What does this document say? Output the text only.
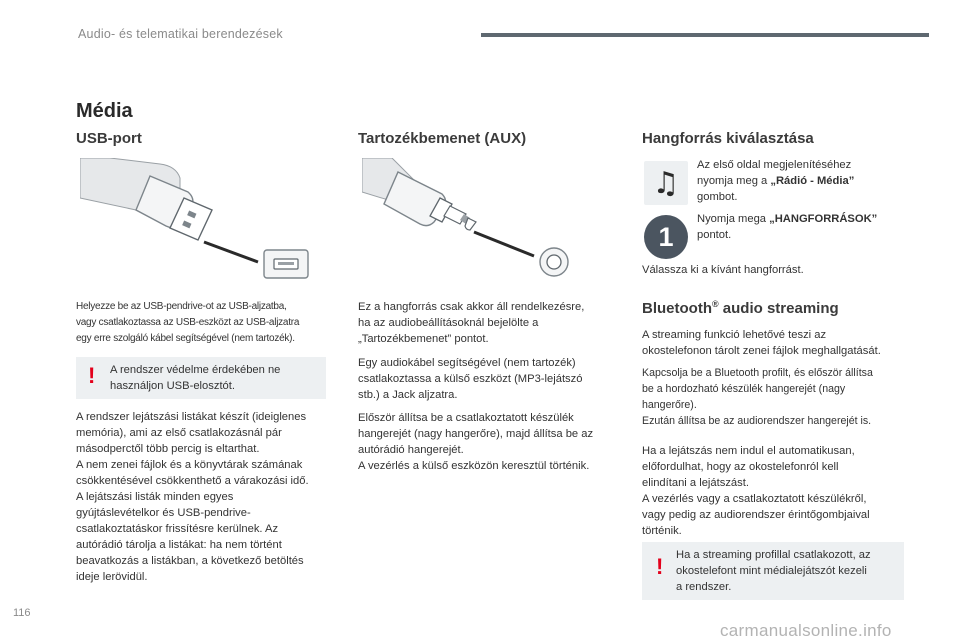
Audio- és telematikai berendezések
Média
USB-port
Helyezze be az USB-pendrive-ot az USB-aljzatba,
vagy csatlakoztassa az USB-eszközt az USB-aljzatra
egy erre szolgáló kábel segítségével (nem tartozék).
! A rendszer védelme érdekében ne
használjon USB-elosztót.
A rendszer lejátszási listákat készít (ideiglenes
memória), ami az első csatlakozásnál pár
másodperctől több percig is eltarthat.
A nem zenei fájlok és a könyvtárak számának
csökkentésével csökkenthető a várakozási idő.
A lejátszási listák minden egyes
gyújtáslevételkor és USB-pendrive-
csatlakoztatáskor frissítésre kerülnek. Az
autórádió tárolja a listákat: ha nem történt
beavatkozás a listákban, a következő betöltés
ideje lerövidül.
Tartozékbemenet (AUX)
Ez a hangforrás csak akkor áll rendelkezésre,
ha az audiobeállításoknál bejelölte a
„Tartozékbemenet” pontot.
Egy audiokábel segítségével (nem tartozék)
csatlakoztassa a külső eszközt (MP3-lejátszó
stb.) a Jack aljzatra.
Először állítsa be a csatlakoztatott készülék
hangerejét (nagy hangerőre), majd állítsa be az
autórádió hangerejét.
A vezérlés a külső eszközön keresztül történik.
Hangforrás kiválasztása
♫
Az első oldal megjelenítéséhez
nyomja meg a „Rádió - Média”
gombot.
1
Nyomja mega „HANGFORRÁSOK”
pontot.
Válassza ki a kívánt hangforrást.
Bluetooth® audio streaming
A streaming funkció lehetővé teszi az
okostelefonon tárolt zenei fájlok meghallgatását.
Kapcsolja be a Bluetooth profilt, és először állítsa
be a hordozható készülék hangerejét (nagy
hangerőre).
Ezután állítsa be az audiorendszer hangerejét is.
Ha a lejátszás nem indul el automatikusan,
előfordulhat, hogy az okostelefonról kell
elindítani a lejátszást.
A vezérlés vagy a csatlakoztatott készülékről,
vagy pedig az audiorendszer érintőgombjaival
történik.
! Ha a streaming profillal csatlakozott, az
okostelefont mint médialejátszót kezeli
a rendszer.
116
carmanualsonline.info
